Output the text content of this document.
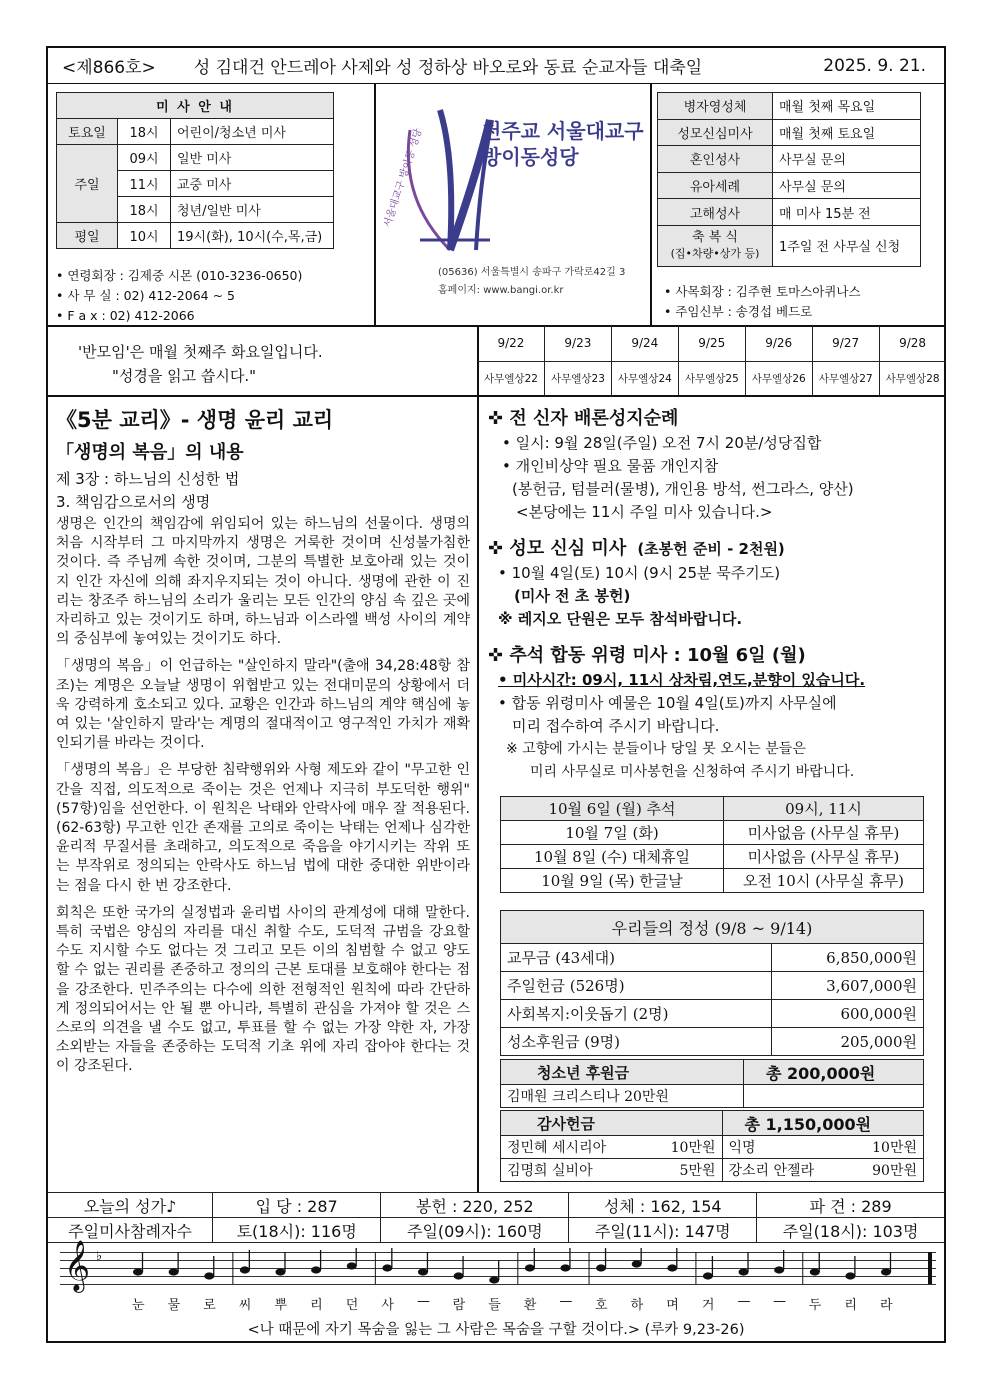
<제866호> 성 김대건 안드레아 사제와 성 정하상 바오로와 동료 순교자들 대축일	2025. 9. 21.
미 사 안 내		
토요일	18시	어린이/청소년 미사
주일	09시	일반 미사
	11시	교중 미사
	18시	청년/일반 미사
평일	10시	19시(화), 10시(수,목,금)
• 연령회장 : 김제중 시몬 (010-3236-0650)
• 사 무 실 : 02) 412-2064 ~ 5
• F a x : 02) 412-2066
천주교 서울대교구
방이동성당
서울대교구 방이동 성당
(05636) 서울특별시 송파구 가락로42길 3
홈페이지: www.bangi.or.kr
병자영성체	매월 첫째 목요일
성모신심미사	매월 첫째 토요일
혼인성사	사무실 문의
유아세례	사무실 문의
고해성사	매 미사 15분 전

축 복 식
(집•차량•상가 등)	1주일 전 사무실 신청
• 사목회장 : 김주현 토마스아퀴나스
• 주임신부 : 송경섭 베드로
'반모임'은 매월 첫째주 화요일입니다.
"성경을 읽고 씁시다."
9/22	9/23	9/24	9/25	9/26	9/27	9/28
사무엘상22	사무엘상23	사무엘상24	사무엘상25	사무엘상26	사무엘상27	사무엘상28
《5분 교리》- 생명 윤리 교리
「생명의 복음」의 내용
제 3장 : 하느님의 신성한 법
3. 책임감으로서의 생명

생명은 인간의 책임감에 위임되어 있는 하느님의 선물이다. 생명의 처음 시작부터 그 마지막까지 생명은 거룩한 것이며 신성불가침한 것이다. 즉 주님께 속한 것이며, 그분의 특별한 보호아래 있는 것이지 인간 자신에 의해 좌지우지되는 것이 아니다. 생명에 관한 이 진리는 창조주 하느님의 소리가 울리는 모든 인간의 양심 속 깊은 곳에 자리하고 있는 것이기도 하며, 하느님과 이스라엘 백성 사이의 계약의 중심부에 놓여있는 것이기도 하다.

「생명의 복음」이 언급하는 "살인하지 말라"(출애 34,28:48항 참조)는 계명은 오늘날 생명이 위협받고 있는 전대미문의 상황에서 더욱 강력하게 호소되고 있다. 교황은 인간과 하느님의 계약 핵심에 놓여 있는 '살인하지 말라'는 계명의 절대적이고 영구적인 가치가 재확인되기를 바라는 것이다.

「생명의 복음」은 부당한 침략행위와 사형 제도와 같이 "무고한 인간을 직접, 의도적으로 죽이는 것은 언제나 지극히 부도덕한 행위"(57항)임을 선언한다. 이 원칙은 낙태와 안락사에 매우 잘 적용된다.(62-63항) 무고한 인간 존재를 고의로 죽이는 낙태는 언제나 심각한 윤리적 무질서를 초래하고, 의도적으로 죽음을 야기시키는 작위 또는 부작위로 정의되는 안락사도 하느님 법에 대한 중대한 위반이라는 점을 다시 한 번 강조한다.

회칙은 또한 국가의 실정법과 윤리법 사이의 관계성에 대해 말한다. 특히 국법은 양심의 자리를 대신 취할 수도, 도덕적 규범을 강요할 수도 지시할 수도 없다는 것 그리고 모든 이의 침범할 수 없고 양도할 수 없는 권리를 존중하고 정의의 근본 토대를 보호해야 한다는 점을 강조한다. 민주주의는 다수에 의한 전형적인 원칙에 따라 간단하게 정의되어서는 안 될 뿐 아니라, 특별히 관심을 가져야 할 것은 스스로의 의견을 낼 수도 없고, 투표를 할 수 없는 가장 약한 자, 가장 소외받는 자들을 존중하는 도덕적 기초 위에 자리 잡아야 한다는 것이 강조된다.

✜ 전 신자 배론성지순례

• 일시: 9월 28일(주일) 오전 7시 20분/성당집합

• 개인비상약 필요 물품 개인지참

(봉헌금, 텀블러(물병), 개인용 방석, 썬그라스, 양산)

<본당에는 11시 주일 미사 있습니다.>

✜ 성모 신심 미사 (초봉헌 준비 - 2천원)

• 10월 4일(토) 10시 (9시 25분 묵주기도)

(미사 전 초 봉헌)

※ 레지오 단원은 모두 참석바랍니다.

✜ 추석 합동 위령 미사 : 10월 6일 (월)

• 미사시간: 09시, 11시 상차림,연도,분향이 있습니다.

• 합동 위령미사 예물은 10월 4일(토)까지 사무실에

미리 접수하여 주시기 바랍니다.

※ 고향에 가시는 분들이나 당일 못 오시는 분들은

미리 사무실로 미사봉헌을 신청하여 주시기 바랍니다.

10월 6일 (월) 추석	09시, 11시
10월 7일 (화)	미사없음 (사무실 휴무)
10월 8일 (수) 대체휴일	미사없음 (사무실 휴무)
10월 9일 (목) 한글날	오전 10시 (사무실 휴무)
우리들의 정성 (9/8 ~ 9/14)	
교무금 (43세대)	6,850,000원
주일헌금 (526명)	3,607,000원
사회복지:이웃돕기 (2명)	600,000원
성소후원금 (9명)	205,000원
청소년 후원금	총 200,000원
김매원 크리스티나 20만원	
감사헌금		총 1,150,000원	
정민혜 세시리아	10만원	익명	10만원
김명희 실비아	5만원	강소리 안젤라	90만원
오늘의 성가♪	입 당 : 287	봉헌 : 220, 252	성체 : 162, 154	파 견 : 289
주일미사참례자수	토(18시): 116명	주일(09시): 160명	주일(11시): 147명	주일(18시): 103명
𝄞 ♭

눈 물 로 씨 뿌 리 던 사 — 람 들 환 — 호 하 며 거 — — 두 리 라
<나 때문에 자기 목숨을 잃는 그 사람은 목숨을 구할 것이다.> (루카 9,23-26)
